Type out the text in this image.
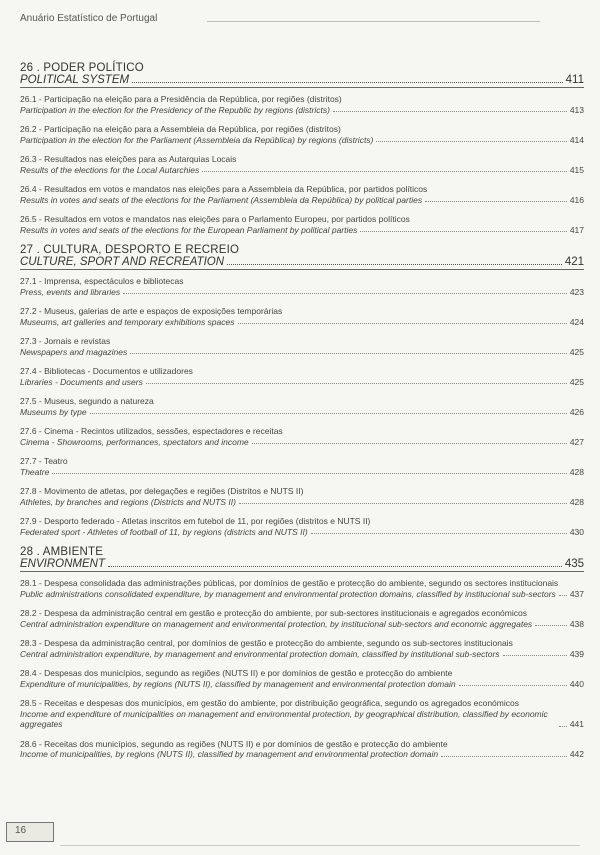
Anuário Estatístico de Portugal
26 . PODER POLÍTICO
POLITICAL SYSTEM	411
26.1 - Participação na eleição para a Presidência da República, por regiões (distritos)
Participation in the election for the Presidency of the Republic by regions (districts)	413
26.2 - Participação na eleição para a Assembleia da República, por regiões (distritos)
Participation in the election for the Parliament (Assembleia da República) by regions (districts)	414
26.3 - Resultados nas eleições para as Autarquias Locais
Results of the elections for the Local Autarchies	415
26.4 - Resultados em votos e mandatos nas eleições para a Assembleia da República, por partidos políticos
Results in votes and seats of the elections for the Parliament (Assembleia da República) by political parties	416
26.5 - Resultados em votos e mandatos nas eleições para o Parlamento Europeu, por partidos políticos
Results in votes and seats of the elections for the European Parliament by political parties	417
27 . CULTURA, DESPORTO E RECREIO
CULTURE, SPORT AND RECREATION	421
27.1 - Imprensa, espectáculos e bibliotecas
Press, events and libraries	423
27.2 - Museus, galerias de arte e espaços de exposições temporárias
Museums, art galleries and temporary exhibitions spaces	424
27.3 - Jornais e revistas
Newspapers and magazines	425
27.4 - Bibliotecas - Documentos e utilizadores
Libraries - Documents and users	425
27.5 - Museus, segundo a natureza
Museums by type	426
27.6 - Cinema - Recintos utilizados, sessões, espectadores e receitas
Cinema - Showrooms, performances, spectators and income	427
27.7 - Teatro
Theatre	428
27.8 - Movimento de atletas, por delegações e regiões (Distritos e NUTS II)
Athletes, by branches and regions (Districts and NUTS II)	428
27.9 - Desporto federado - Atletas inscritos em futebol de 11, por regiões (distritos e NUTS II)
Federated sport - Athletes of football of 11, by regions (districts and NUTS II)	430
28 . AMBIENTE
ENVIRONMENT	435
28.1 - Despesa consolidada das administrações públicas, por domínios de gestão e protecção do ambiente, segundo os sectores institucionais
Public administrations consolidated expenditure, by management and environmental protection domains, classified by institucional sub-sectors 437
28.2 - Despesa da administração central em gestão e protecção do ambiente, por sub-sectores institucionais e agregados económicos
Central administration expenditure on management and environmental protection, by institucional sub-sectors and economic aggregates	438
28.3 - Despesa da administração central, por domínios de gestão e protecção do ambiente, segundo os sub-sectores institucionais
Central administration expenditure, by management and environmental protection domain, classified by institutional sub-sectors	439
28.4 - Despesas dos municípios, segundo as regiões (NUTS II) e por domínios de gestão e protecção do ambiente
Expenditure of municipalities, by regions (NUTS II), classified by management and environmental protection domain	440
28.5 - Receitas e despesas dos municípios, em gestão do ambiente, por distribuição geográfica, segundo os agregados económicos
Income and expenditure of municipalities on management and environmental protection, by geographical distribution, classified by economic aggregates	441
28.6 - Receitas dos municípios, segundo as regiões (NUTS II) e por domínios de gestão e protecção do ambiente
Income of municipalities, by regions (NUTS II), classified by management and environmental protection domain	442
16
